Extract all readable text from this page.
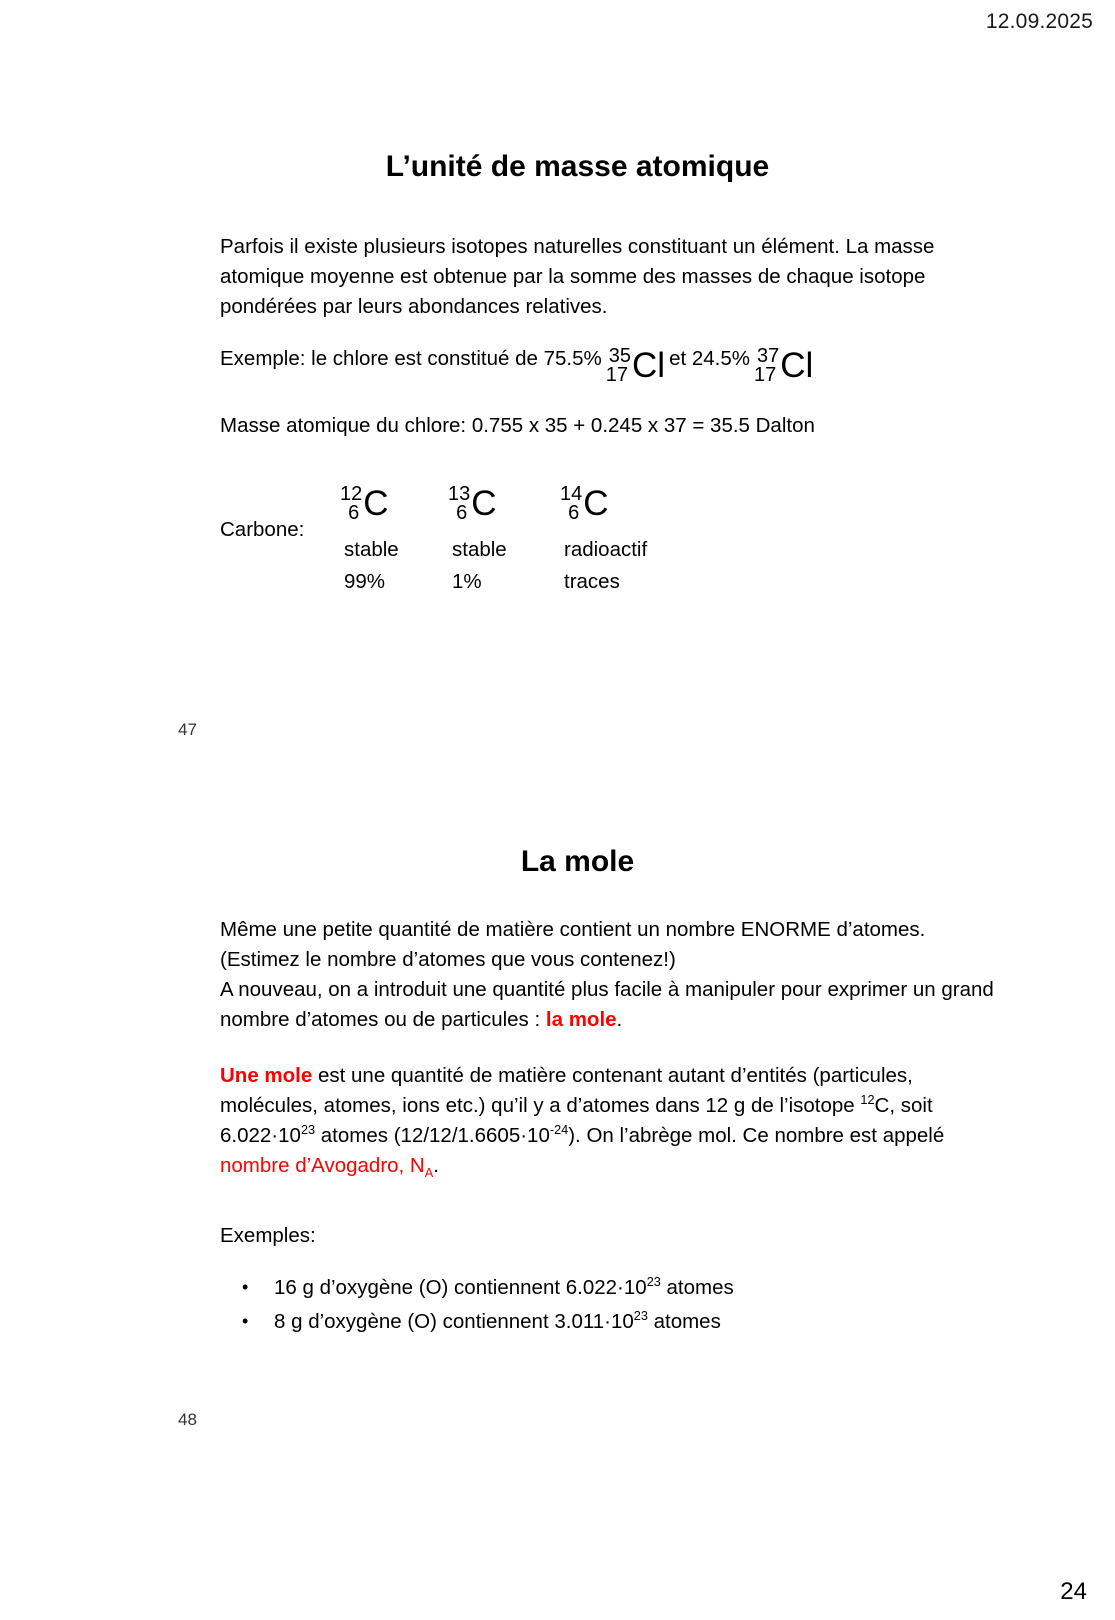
12.09.2025
L’unité de masse atomique

Parfois il existe plusieurs isotopes naturelles constituant un élément. La masse atomique moyenne est obtenue par la somme des masses de chaque isotope pondérées par leurs abondances relatives.

Exemple: le chlore est constitué de 75.5% 35
17 Cl et 24.5% 37
17 Cl

Masse atomique du chlore: 0.755 x 35 + 0.245 x 37 = 35.5 Dalton

Carbone:
12
6 C
stable
99%
13
6 C
stable
1%
14
6 C
radioactif
traces
47
La mole

Même une petite quantité de matière contient un nombre ENORME d’atomes.(Estimez le nombre d’atomes que vous contenez!)
A nouveau, on a introduit une quantité plus facile à manipuler pour exprimer un grand nombre d’atomes ou de particules : la mole.

Une mole est une quantité de matière contenant autant d’entités (particules, molécules, atomes, ions etc.) qu’il y a d’atomes dans 12 g de l’isotope $^{12}$C, soit $6.022\cdot 10^{23}$ atomes $(12/12/1.6605\cdot 10^{-24})$. On l’abrège mol. Ce nombre est appelé nombre d’Avogadro, $N_A$.

Exemples:

• 16 g d’oxygène (O) contiennent $6.022\cdot 10^{23}$ atomes
• 8 g d’oxygène (O) contiennent $3.011\cdot 10^{23}$ atomes
48
24
